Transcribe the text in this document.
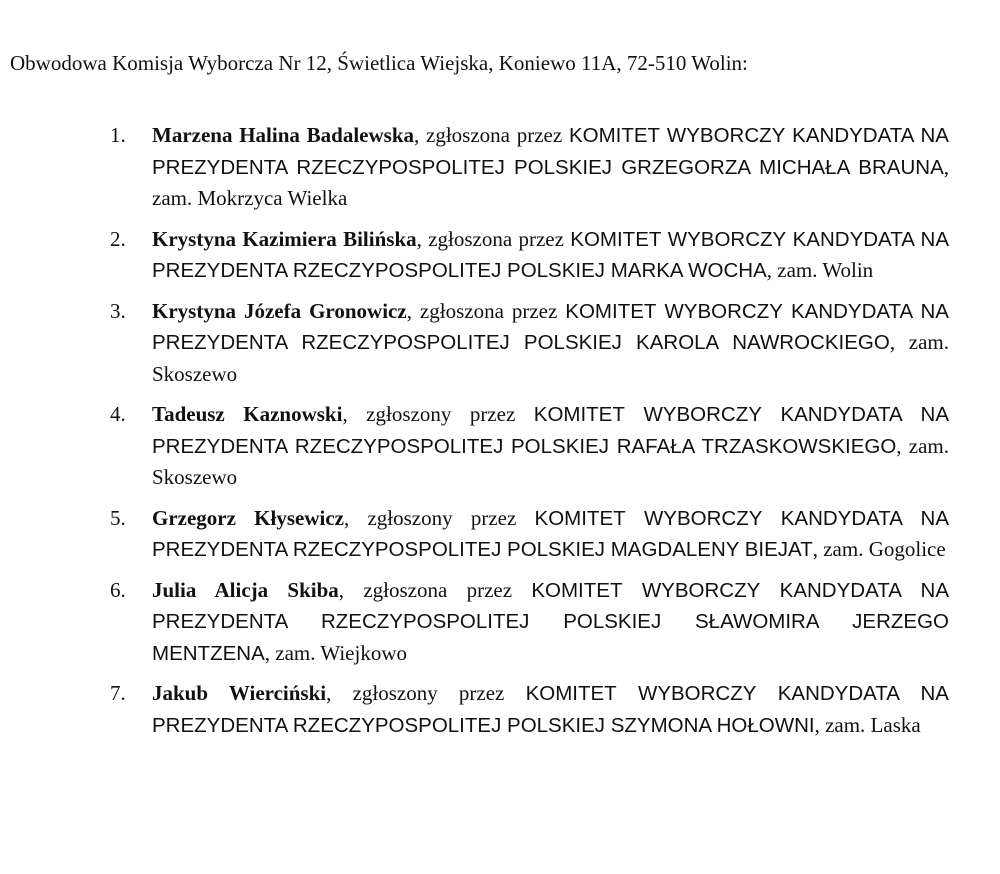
Obwodowa Komisja Wyborcza Nr 12, Świetlica Wiejska, Koniewo 11A, 72-510 Wolin:

1.	Marzena Halina Badalewska, zgłoszona przez KOMITET WYBORCZY KANDYDATA NA PREZYDENTA RZECZYPOSPOLITEJ POLSKIEJ GRZEGORZA MICHAŁA BRAUNA, zam. Mokrzyca Wielka
2.	Krystyna Kazimiera Bilińska, zgłoszona przez KOMITET WYBORCZY KANDYDATA NA PREZYDENTA RZECZYPOSPOLITEJ POLSKIEJ MARKA WOCHA, zam. Wolin
3.	Krystyna Józefa Gronowicz, zgłoszona przez KOMITET WYBORCZY KANDYDATA NA PREZYDENTA RZECZYPOSPOLITEJ POLSKIEJ KAROLA NAWROCKIEGO, zam. Skoszewo
4.	Tadeusz Kaznowski, zgłoszony przez KOMITET WYBORCZY KANDYDATA NA PREZYDENTA RZECZYPOSPOLITEJ POLSKIEJ RAFAŁA TRZASKOWSKIEGO, zam. Skoszewo
5.	Grzegorz Kłysewicz, zgłoszony przez KOMITET WYBORCZY KANDYDATA NA PREZYDENTA RZECZYPOSPOLITEJ POLSKIEJ MAGDALENY BIEJAT, zam. Gogolice
6.	Julia Alicja Skiba, zgłoszona przez KOMITET WYBORCZY KANDYDATA NA PREZYDENTA RZECZYPOSPOLITEJ POLSKIEJ SŁAWOMIRA JERZEGO MENTZENA, zam. Wiejkowo
7.	Jakub Wierciński, zgłoszony przez KOMITET WYBORCZY KANDYDATA NA PREZYDENTA RZECZYPOSPOLITEJ POLSKIEJ SZYMONA HOŁOWNI, zam. Laska
